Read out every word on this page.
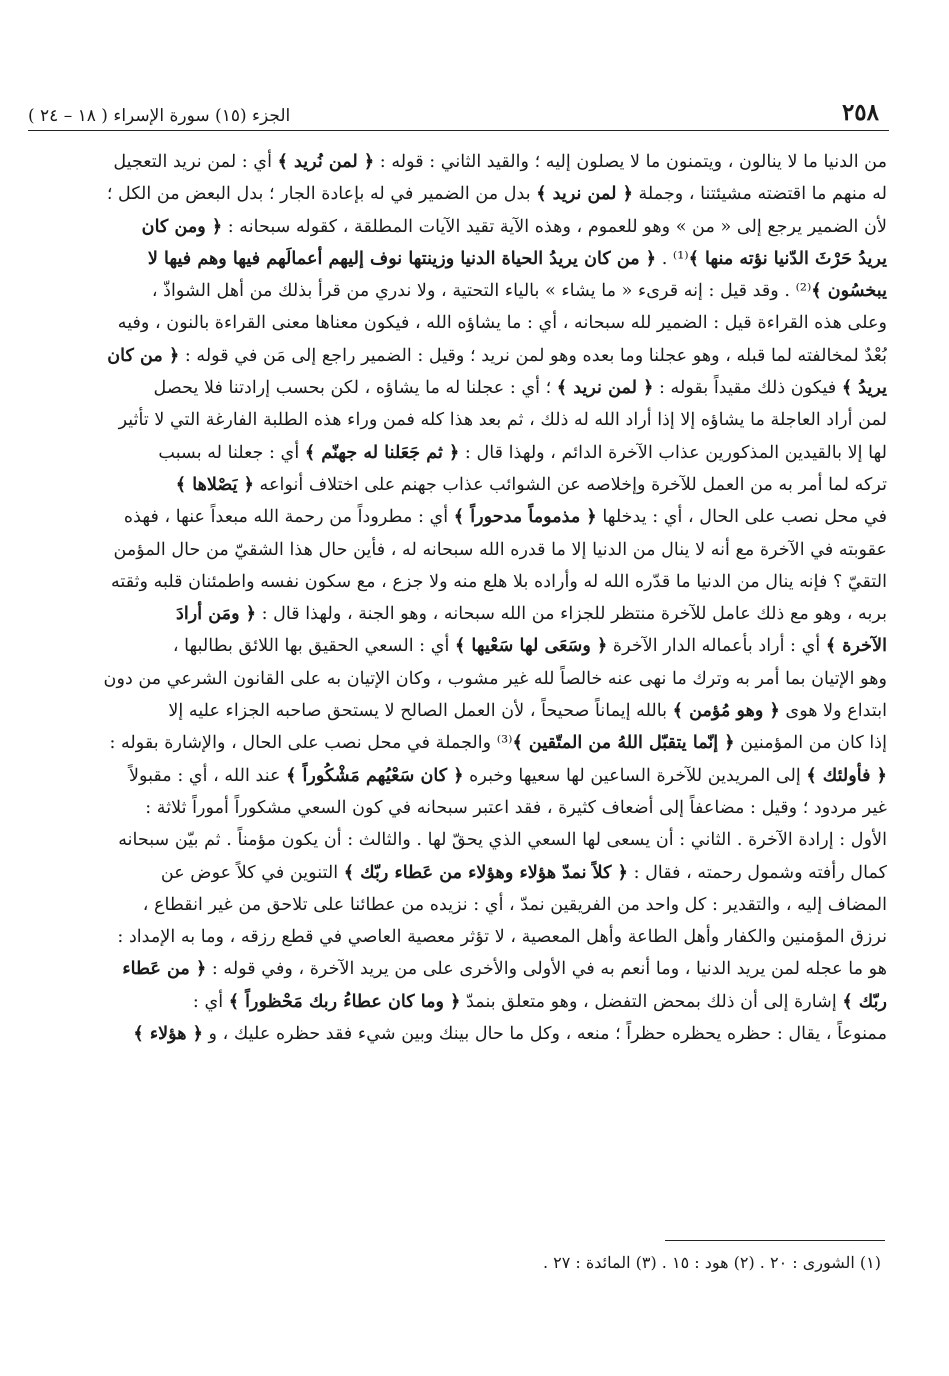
٢٥٨
الجزء (١٥) سورة الإسراء ( ١٨ – ٢٤ )
من الدنيا ما لا ينالون ، ويتمنون ما لا يصلون إليه ؛ والقيد الثاني : قوله : ﴿ لمن نُريد ﴾ أي : لمن نريد التعجيل
له منهم ما اقتضته مشيئتنا ، وجملة ﴿ لمن نريد ﴾ بدل من الضمير في له بإعادة الجار ؛ بدل البعض من الكل ؛
لأن الضمير يرجع إلى « من » وهو للعموم ، وهذه الآية تقيد الآيات المطلقة ، كقوله سبحانه : ﴿ ومن كان
يريدُ حَرْثَ الدّنيا نؤته منها ﴾⁽¹⁾ . ﴿ من كان يريدُ الحياة الدنيا وزينتها نوف إليهم أعمالَهم فيها وهم فيها لا
يبخسُون ﴾⁽²⁾ . وقد قيل : إنه قرىء « ما يشاء » بالياء التحتية ، ولا ندري من قرأ بذلك من أهل الشواذّ ،
وعلى هذه القراءة قيل : الضمير لله سبحانه ، أي : ما يشاؤه الله ، فيكون معناها معنى القراءة بالنون ، وفيه
بُعْدٌ لمخالفته لما قبله ، وهو عجلنا وما بعده وهو لمن نريد ؛ وقيل : الضمير راجع إلى مَن في قوله : ﴿ من كان
يريدُ ﴾ فيكون ذلك مقيداً بقوله : ﴿ لمن نريد ﴾ ؛ أي : عجلنا له ما يشاؤه ، لكن بحسب إرادتنا فلا يحصل
لمن أراد العاجلة ما يشاؤه إلا إذا أراد الله له ذلك ، ثم بعد هذا كله فمن وراء هذه الطلبة الفارغة التي لا تأثير
لها إلا بالقيدين المذكورين عذاب الآخرة الدائم ، ولهذا قال : ﴿ ثم جَعَلنا له جهنّم ﴾ أي : جعلنا له بسبب
تركه لما أمر به من العمل للآخرة وإخلاصه عن الشوائب عذاب جهنم على اختلاف أنواعه ﴿ يَصْلاها ﴾
في محل نصب على الحال ، أي : يدخلها ﴿ مذموماً مدحوراً ﴾ أي : مطروداً من رحمة الله مبعداً عنها ، فهذه
عقوبته في الآخرة مع أنه لا ينال من الدنيا إلا ما قدره الله سبحانه له ، فأين حال هذا الشقيّ من حال المؤمن
التقيّ ؟ فإنه ينال من الدنيا ما قدّره الله له وأراده بلا هلع منه ولا جزع ، مع سكون نفسه واطمئنان قلبه وثقته
بربه ، وهو مع ذلك عامل للآخرة منتظر للجزاء من الله سبحانه ، وهو الجنة ، ولهذا قال : ﴿ ومَن أرادَ
الآخرة ﴾ أي : أراد بأعماله الدار الآخرة ﴿ وسَعَى لها سَعْيها ﴾ أي : السعي الحقيق بها اللائق بطالبها ،
وهو الإتيان بما أمر به وترك ما نهى عنه خالصاً لله غير مشوب ، وكان الإتيان به على القانون الشرعي من دون
ابتداع ولا هوى ﴿ وهو مُؤمن ﴾ بالله إيماناً صحيحاً ، لأن العمل الصالح لا يستحق صاحبه الجزاء عليه إلا
إذا كان من المؤمنين ﴿ إنّما يتقبّل اللهُ من المتّقين ﴾⁽³⁾ والجملة في محل نصب على الحال ، والإشارة بقوله :
﴿ فأولئك ﴾ إلى المريدين للآخرة الساعين لها سعيها وخبره ﴿ كان سَعْيُهم مَشْكُوراً ﴾ عند الله ، أي : مقبولاً
غير مردود ؛ وقيل : مضاعفاً إلى أضعاف كثيرة ، فقد اعتبر سبحانه في كون السعي مشكوراً أموراً ثلاثة :
الأول : إرادة الآخرة . الثاني : أن يسعى لها السعي الذي يحقّ لها . والثالث : أن يكون مؤمناً . ثم بيّن سبحانه
كمال رأفته وشمول رحمته ، فقال : ﴿ كلاً نمدّ هؤلاء وهؤلاء من عَطاء ربّك ﴾ التنوين في كلاً عوض عن
المضاف إليه ، والتقدير : كل واحد من الفريقين نمدّ ، أي : نزيده من عطائنا على تلاحق من غير انقطاع ،
نرزق المؤمنين والكفار وأهل الطاعة وأهل المعصية ، لا تؤثر معصية العاصي في قطع رزقه ، وما به الإمداد :
هو ما عجله لمن يريد الدنيا ، وما أنعم به في الأولى والأخرى على من يريد الآخرة ، وفي قوله : ﴿ من عَطاء
ربّك ﴾ إشارة إلى أن ذلك بمحض التفضل ، وهو متعلق بنمدّ ﴿ وما كان عطاءُ ربك مَحْظوراً ﴾ أي :
ممنوعاً ، يقال : حظره يحظره حظراً ؛ منعه ، وكل ما حال بينك وبين شيء فقد حظره عليك ، و ﴿ هؤلاء ﴾
(١) الشورى : ٢٠ . (٢) هود : ١٥ . (٣) المائدة : ٢٧ .
